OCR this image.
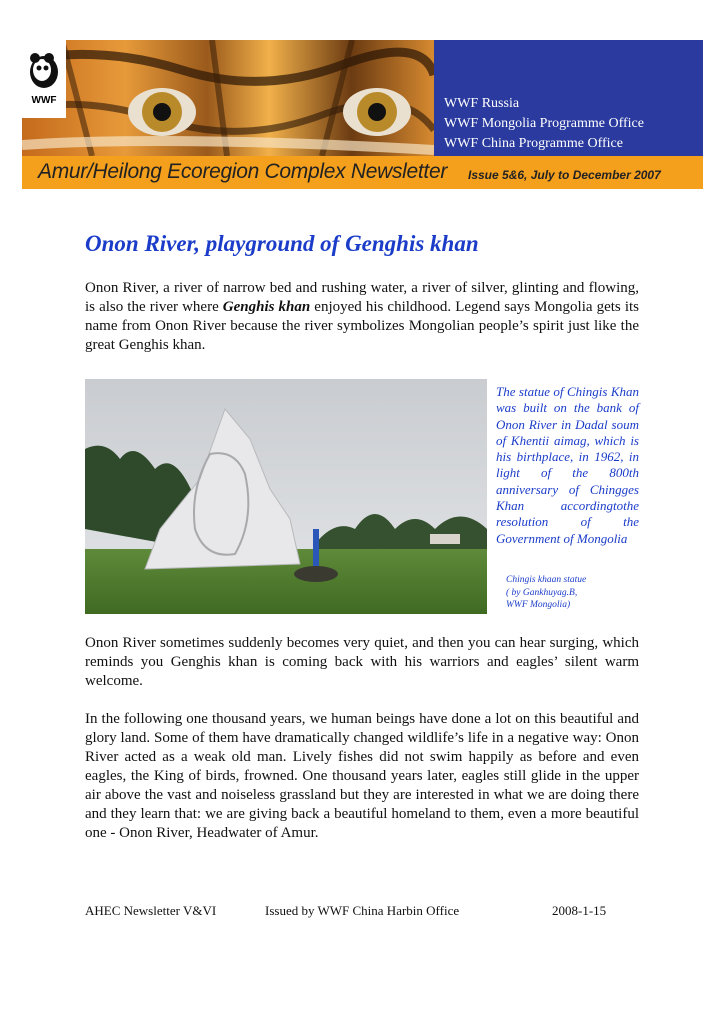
WWF	WWF Russia
WWF Mongolia Programme Office
WWF China Programme Office
Amur/Heilong Ecoregion Complex Newsletter Issue 5&6, July to December 2007
Onon River, playground of Genghis khan

Onon River, a river of narrow bed and rushing water, a river of silver, glinting and flowing, is also the river where Genghis khan enjoyed his childhood. Legend says Mongolia gets its name from Onon River because the river symbolizes Mongolian people’s spirit just like the great Genghis khan.

The statue of Chingis Khan was built on the bank of Onon River in Dadal soum of Khentii aimag, which is his birthplace, in 1962, in light of the 800th anniversary of Chingges Khan accordingtothe resolution of the Government of Mongolia

Chingis khaan statue
( by Gankhuyag.B,
WWF Mongolia)

Onon River sometimes suddenly becomes very quiet, and then you can hear surging, which reminds you Genghis khan is coming back with his warriors and eagles’ silent warm welcome.

In the following one thousand years, we human beings have done a lot on this beautiful and glory land. Some of them have dramatically changed wildlife’s life in a negative way: Onon River acted as a weak old man. Lively fishes did not swim happily as before and even eagles, the King of birds, frowned. One thousand years later, eagles still glide in the upper air above the vast and noiseless grassland but they are interested in what we are doing there and they learn that: we are giving back a beautiful homeland to them, even a more beautiful one - Onon River, Headwater of Amur.

AHEC Newsletter V&VI	Issued by WWF China Harbin Office	2008-1-15
